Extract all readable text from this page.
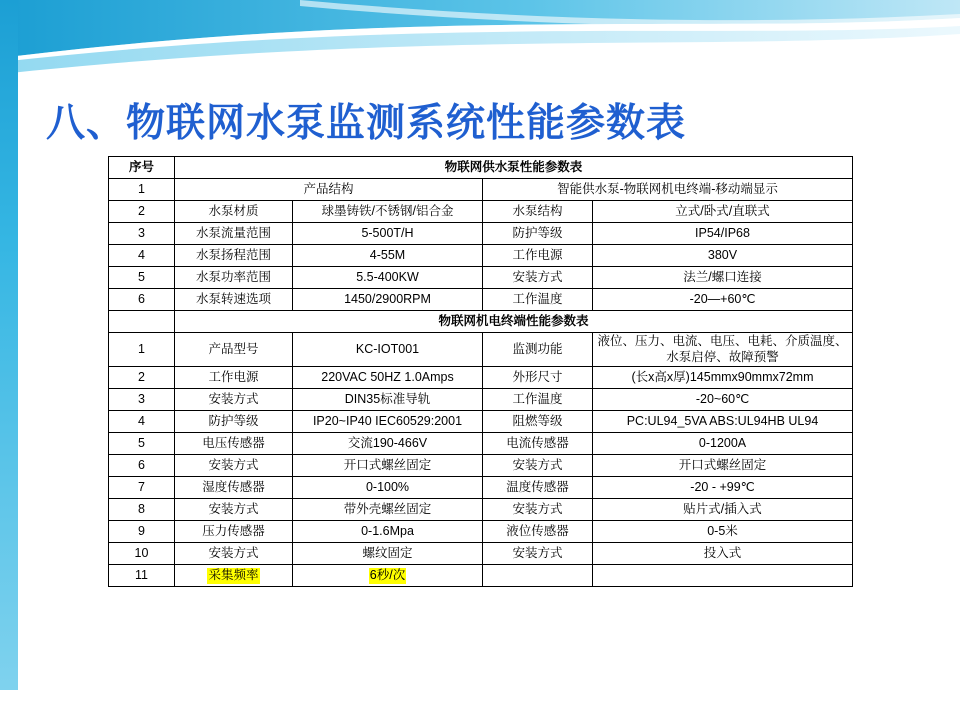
八、物联网水泵监测系统性能参数表
序号	物联网供水泵性能参数表			
1	产品结构		智能供水泵-物联网机电终端-移动端显示	
2	水泵材质	球墨铸铁/不锈钢/铝合金	水泵结构	立式/卧式/直联式
3	水泵流量范围	5-500T/H	防护等级	IP54/IP68
4	水泵扬程范围	4-55M	工作电源	380V
5	水泵功率范围	5.5-400KW	安装方式	法兰/螺口连接
6	水泵转速选项	1450/2900RPM	工作温度	-20—+60℃
	物联网机电终端性能参数表			
1	产品型号	KC-IOT001	监测功能	液位、压力、电流、电压、电耗、介质温度、水泵启停、故障预警
2	工作电源	220VAC 50HZ 1.0Amps	外形尺寸	(长x高x厚)145mmx90mmx72mm
3	安装方式	DIN35标准导轨	工作温度	-20~60℃
4	防护等级	IP20~IP40 IEC60529:2001	阻燃等级	PC:UL94_5VA ABS:UL94HB UL94
5	电压传感器	交流190-466V	电流传感器	0-1200A
6	安装方式	开口式螺丝固定	安装方式	开口式螺丝固定
7	湿度传感器	0-100%	温度传感器	-20 - +99℃
8	安装方式	带外壳螺丝固定	安装方式	贴片式/插入式
9	压力传感器	0-1.6Mpa	液位传感器	0-5米
10	安装方式	螺纹固定	安装方式	投入式
11	采集频率	6秒/次		
